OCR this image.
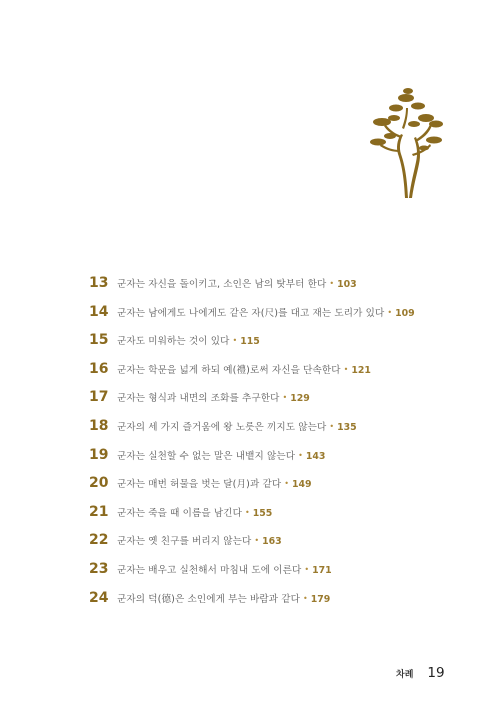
13 군자는 자신을 돌이키고, 소인은 남의 탓부터 한다 • 103
14 군자는 남에게도 나에게도 같은 자(尺)를 대고 재는 도리가 있다 • 109
15 군자도 미워하는 것이 있다 • 115
16 군자는 학문을 넓게 하되 예(禮)로써 자신을 단속한다 • 121
17 군자는 형식과 내면의 조화를 추구한다 • 129
18 군자의 세 가지 즐거움에 왕 노릇은 끼지도 않는다 • 135
19 군자는 실천할 수 없는 말은 내뱉지 않는다 • 143
20 군자는 매번 허물을 벗는 달(月)과 같다 • 149
21 군자는 죽을 때 이름을 남긴다 • 155
22 군자는 옛 친구를 버리지 않는다 • 163
23 군자는 배우고 실천해서 마침내 도에 이른다 • 171
24 군자의 덕(德)은 소인에게 부는 바람과 같다 • 179
차례 19
